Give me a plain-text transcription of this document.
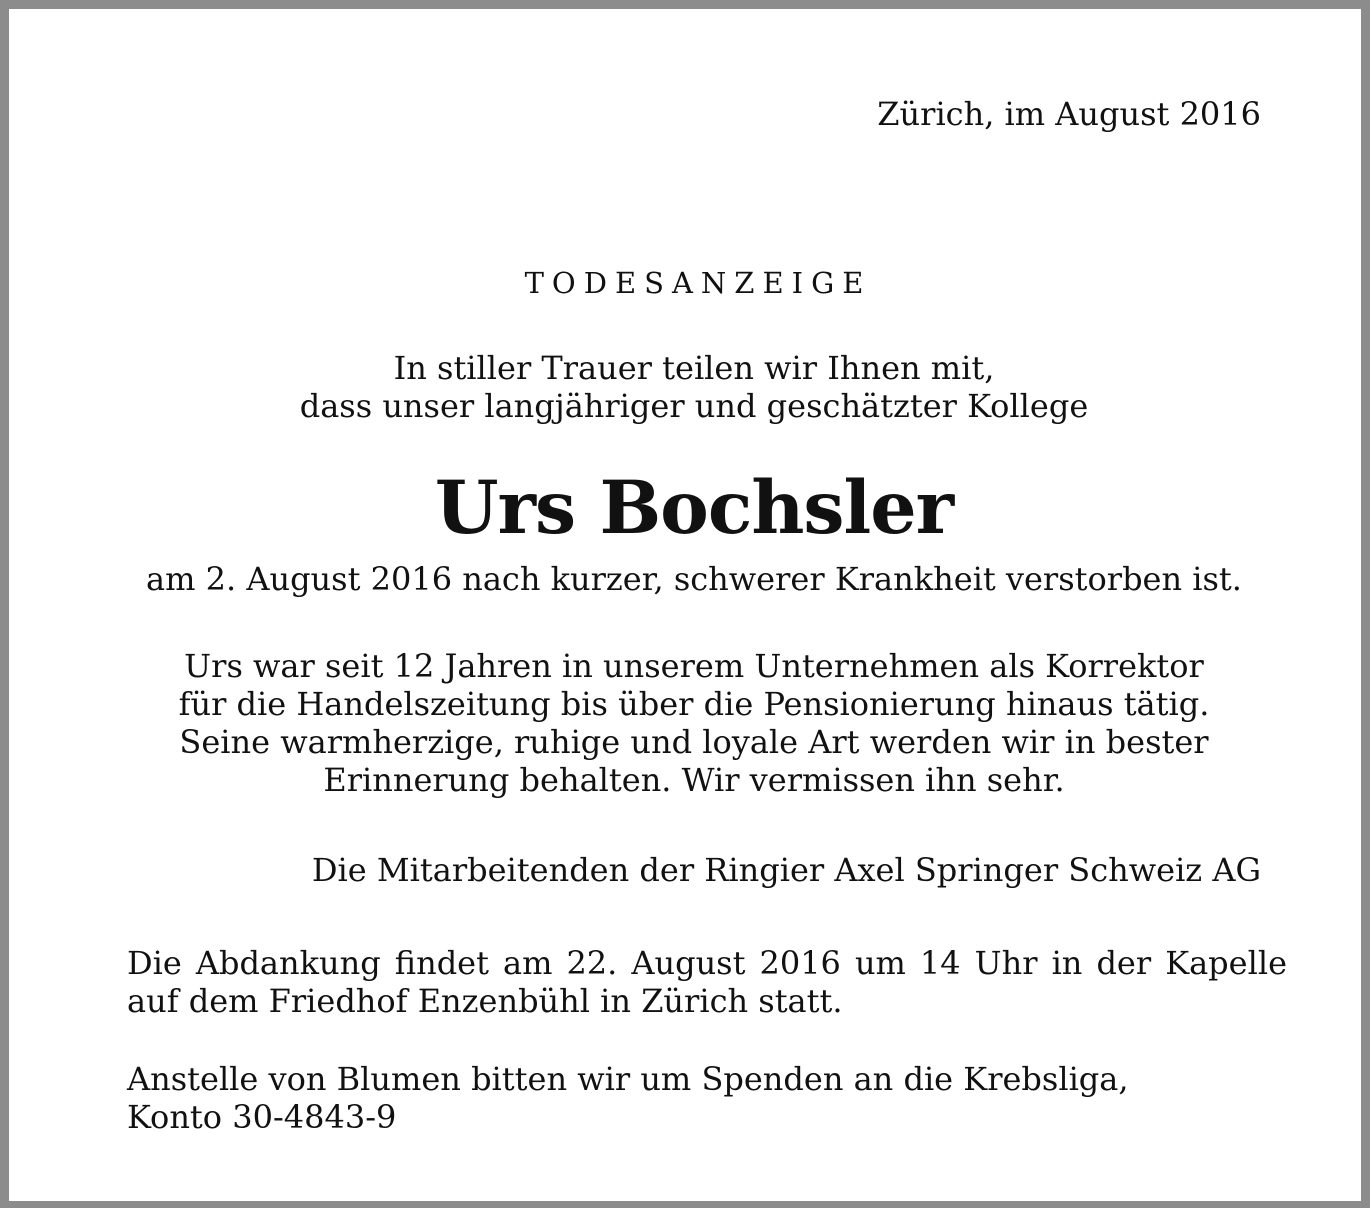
Zürich, im August 2016

TODESANZEIGE

In stiller Trauer teilen wir Ihnen mit,
dass unser langjähriger und geschätzter Kollege

Urs Bochsler

am 2. August 2016 nach kurzer, schwerer Krankheit verstorben ist.

Urs war seit 12 Jahren in unserem Unternehmen als Korrektor
für die Handelszeitung bis über die Pensionierung hinaus tätig.
Seine warmherzige, ruhige und loyale Art werden wir in bester
Erinnerung behalten. Wir vermissen ihn sehr.

Die Mitarbeitenden der Ringier Axel Springer Schweiz AG

Die Abdankung findet am 22. August 2016 um 14 Uhr in der Kapelle
auf dem Friedhof Enzenbühl in Zürich statt.
Anstelle von Blumen bitten wir um Spenden an die Krebsliga,
Konto 30-4843-9
